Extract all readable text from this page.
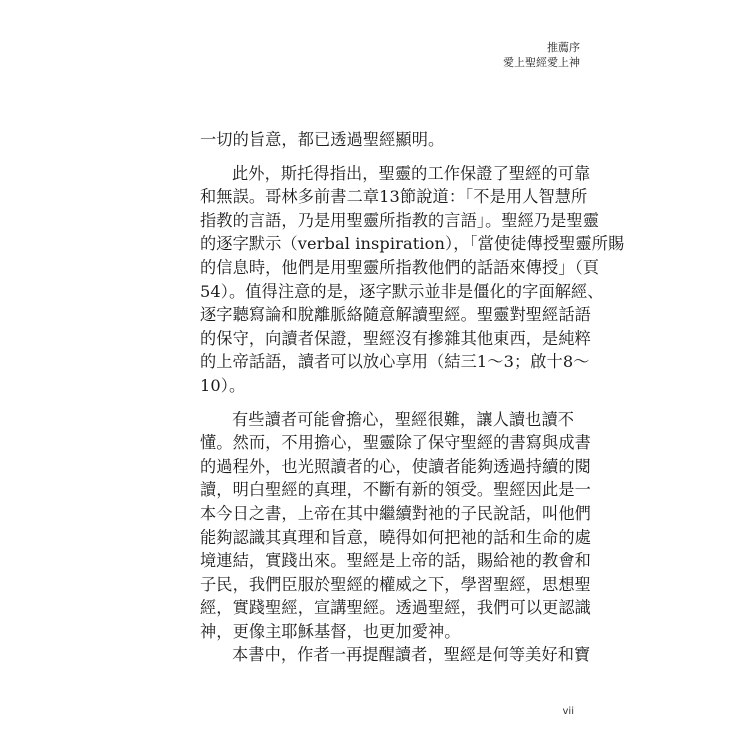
推薦序
愛上聖經愛上神
一切的旨意，都已透過聖經顯明。
此外，斯托得指出，聖靈的工作保證了聖經的可靠
和無誤。哥林多前書二章13節說道：「不是用人智慧所
指教的言語，乃是用聖靈所指教的言語」。聖經乃是聖靈
的逐字默示（verbal inspiration），「當使徒傳授聖靈所賜
的信息時，他們是用聖靈所指教他們的話語來傳授」（頁
54）。值得注意的是，逐字默示並非是僵化的字面解經、
逐字聽寫論和脫離脈絡隨意解讀聖經。聖靈對聖經話語
的保守，向讀者保證，聖經沒有摻雜其他東西，是純粹
的上帝話語，讀者可以放心享用（結三1～3；啟十8～
10）。
有些讀者可能會擔心，聖經很難，讓人讀也讀不
懂。然而，不用擔心，聖靈除了保守聖經的書寫與成書
的過程外，也光照讀者的心，使讀者能夠透過持續的閱
讀，明白聖經的真理，不斷有新的領受。聖經因此是一
本今日之書，上帝在其中繼續對祂的子民說話，叫他們
能夠認識其真理和旨意，曉得如何把祂的話和生命的處
境連結，實踐出來。聖經是上帝的話，賜給祂的教會和
子民，我們臣服於聖經的權威之下，學習聖經，思想聖
經，實踐聖經，宣講聖經。透過聖經，我們可以更認識
神，更像主耶穌基督，也更加愛神。
本書中，作者一再提醒讀者，聖經是何等美好和寶
vii
